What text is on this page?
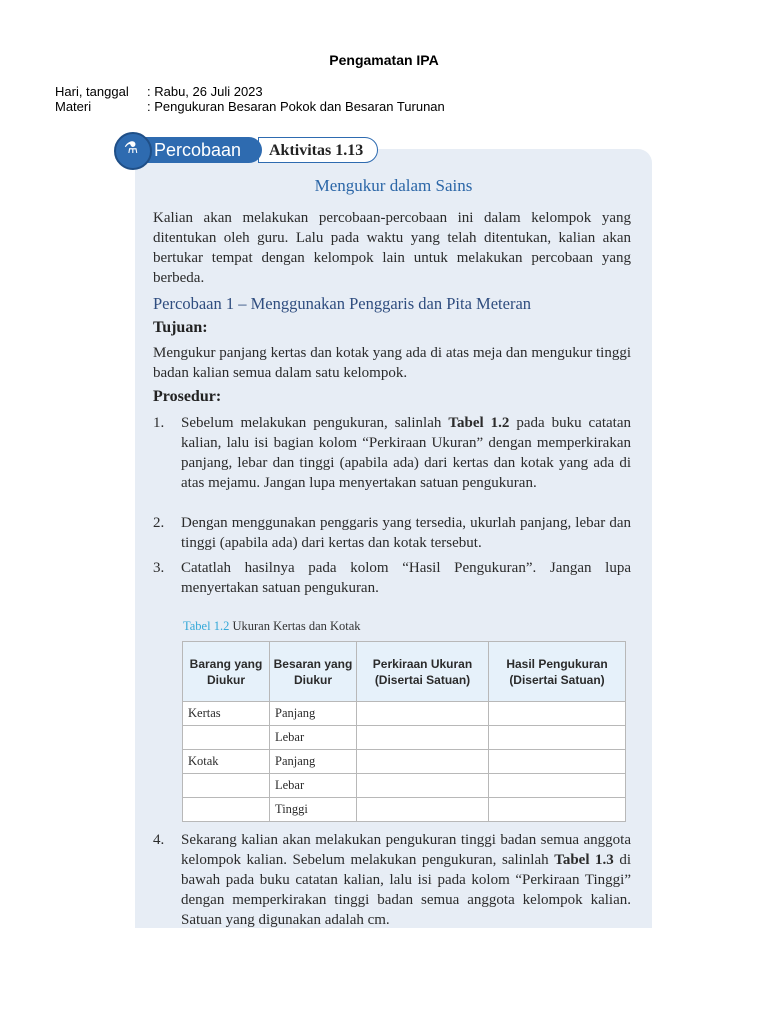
Pengamatan IPA
Hari, tanggal : Rabu, 26 Juli 2023
Materi	: Pengukuran Besaran Pokok dan Besaran Turunan
Aktivitas 1.13
Percobaan
⚗
Mengukur dalam Sains
Kalian akan melakukan percobaan-percobaan ini dalam kelompok yang ditentukan oleh guru. Lalu pada waktu yang telah ditentukan, kalian akan bertukar tempat dengan kelompok lain untuk melakukan percobaan yang berbeda.
Percobaan 1 – Menggunakan Penggaris dan Pita Meteran
Tujuan:
Mengukur panjang kertas dan kotak yang ada di atas meja dan mengukur tinggi badan kalian semua dalam satu kelompok.
Prosedur:
1.	Sebelum melakukan pengukuran, salinlah Tabel 1.2 pada buku catatan kalian, lalu isi bagian kolom “Perkiraan Ukuran” dengan memperkirakan panjang, lebar dan tinggi (apabila ada) dari kertas dan kotak yang ada di atas mejamu. Jangan lupa menyertakan satuan pengukuran.
2.	Dengan menggunakan penggaris yang tersedia, ukurlah panjang, lebar dan tinggi (apabila ada) dari kertas dan kotak tersebut.
3.	Catatlah hasilnya pada kolom “Hasil Pengukuran”. Jangan lupa menyertakan satuan pengukuran.
Tabel 1.2 Ukuran Kertas dan Kotak
Barang yang Diukur	Besaran yang Diukur	Perkiraan Ukuran (Disertai Satuan)	Hasil Pengukuran (Disertai Satuan)
Kertas	Panjang		
	Lebar		
Kotak	Panjang		
	Lebar		
	Tinggi		
4.	Sekarang kalian akan melakukan pengukuran tinggi badan semua anggota kelompok kalian. Sebelum melakukan pengukuran, salinlah Tabel 1.3 di bawah pada buku catatan kalian, lalu isi pada kolom “Perkiraan Tinggi” dengan memperkirakan tinggi badan semua anggota kelompok kalian. Satuan yang digunakan adalah cm.
